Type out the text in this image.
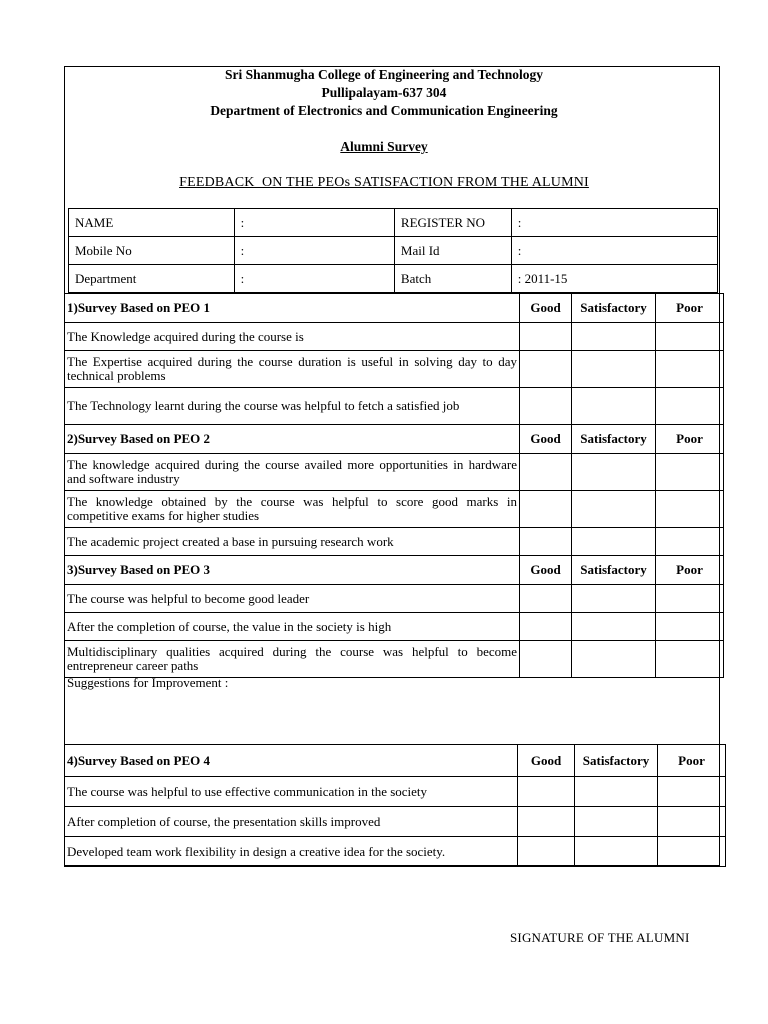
Sri Shanmugha College of Engineering and Technology
Pullipalayam-637 304
Department of Electronics and Communication Engineering
Alumni Survey
FEEDBACK  ON THE PEOs SATISFACTION FROM THE ALUMNI
NAME	:	REGISTER NO	:
Mobile No	:	Mail Id	:
Department	:	Batch	: 2011-15
1)Survey Based on PEO 1	Good	Satisfactory	Poor
The Knowledge acquired during the course is			
The Expertise acquired during the course duration is useful in solving day to day technical problems			
The Technology learnt during the course was helpful to fetch a satisfied job			
2)Survey Based on PEO 2	Good	Satisfactory	Poor
The knowledge acquired during the course availed more opportunities in hardware and software industry			
The knowledge obtained by the course was helpful to score good marks in competitive exams for higher studies			
The academic project created a base in pursuing research work			
3)Survey Based on PEO 3	Good	Satisfactory	Poor
The course was helpful to become good leader			
After the completion of course, the value in the society is high			
Multidisciplinary qualities acquired during the course was helpful to become entrepreneur career paths			
Suggestions for Improvement :
4)Survey Based on PEO 4	Good	Satisfactory	Poor
The course was helpful to use effective communication in the society			
After completion of course, the presentation skills improved			
Developed team work flexibility in design a creative idea for the society.			
SIGNATURE OF THE ALUMNI
